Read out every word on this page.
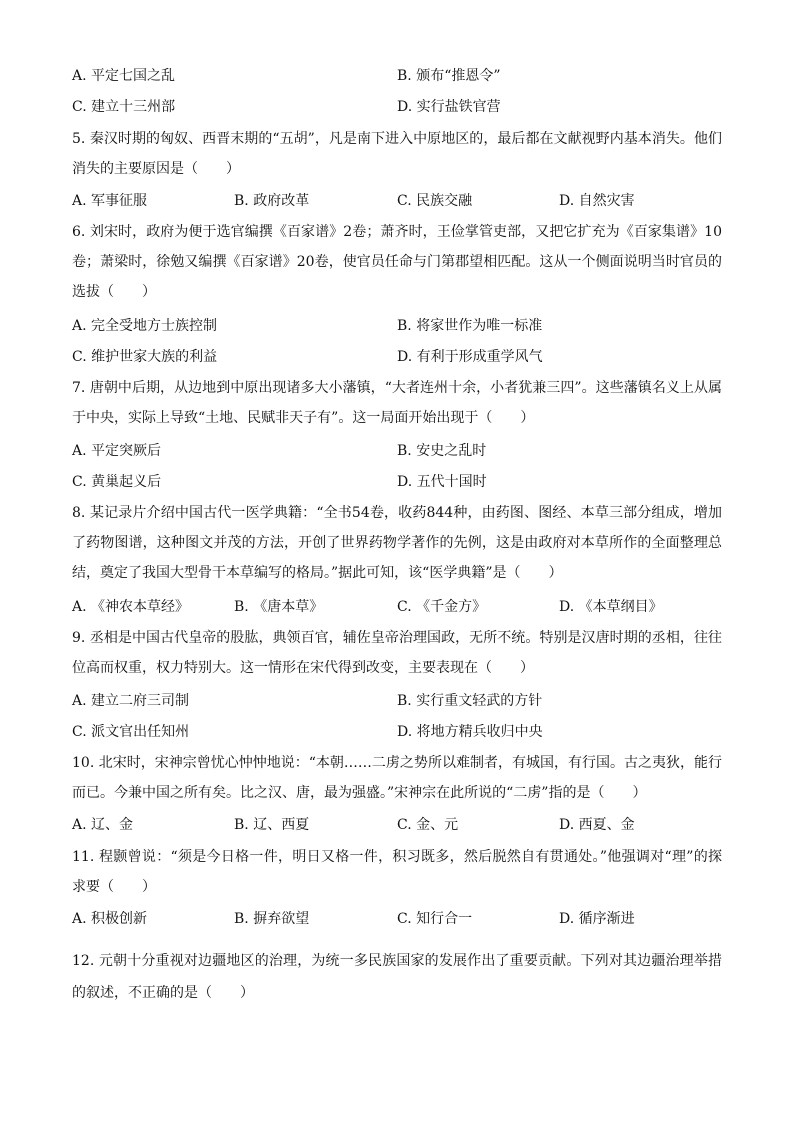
A. 平定七国之乱	B. 颁布“推恩令”
C. 建立十三州部	D. 实行盐铁官营

5. 秦汉时期的匈奴、西晋末期的“五胡”，凡是南下进入中原地区的，最后都在文献视野内基本消失。他们消失的主要原因是（　　）

A. 军事征服	B. 政府改革	C. 民族交融	D. 自然灾害

6. 刘宋时，政府为便于选官编撰《百家谱》2卷；萧齐时，王俭掌管吏部，又把它扩充为《百家集谱》10卷；萧梁时，徐勉又编撰《百家谱》20卷，使官员任命与门第郡望相匹配。这从一个侧面说明当时官员的选拔（　　）

A. 完全受地方士族控制	B. 将家世作为唯一标准
C. 维护世家大族的利益	D. 有利于形成重学风气

7. 唐朝中后期，从边地到中原出现诸多大小藩镇，“大者连州十余，小者犹兼三四”。这些藩镇名义上从属于中央，实际上导致“土地、民赋非天子有”。这一局面开始出现于（　　）

A. 平定突厥后	B. 安史之乱时
C. 黄巢起义后	D. 五代十国时

8. 某记录片介绍中国古代一医学典籍：“全书54卷，收药844种，由药图、图经、本草三部分组成，增加了药物图谱，这种图文并茂的方法，开创了世界药物学著作的先例，这是由政府对本草所作的全面整理总结，奠定了我国大型骨干本草编写的格局。”据此可知，该“医学典籍”是（　　）

A. 《神农本草经》	B. 《唐本草》	C. 《千金方》	D. 《本草纲目》

9. 丞相是中国古代皇帝的股肱，典领百官，辅佐皇帝治理国政，无所不统。特别是汉唐时期的丞相，往往位高而权重，权力特别大。这一情形在宋代得到改变，主要表现在（　　）

A. 建立二府三司制	B. 实行重文轻武的方针
C. 派文官出任知州	D. 将地方精兵收归中央

10. 北宋时，宋神宗曾忧心忡忡地说：“本朝……二虏之势所以难制者，有城国，有行国。古之夷狄，能行而已。今兼中国之所有矣。比之汉、唐，最为强盛。”宋神宗在此所说的“二虏”指的是（　　）

A. 辽、金	B. 辽、西夏	C. 金、元	D. 西夏、金

11. 程颢曾说：“须是今日格一件，明日又格一件，积习既多，然后脱然自有贯通处。”他强调对“理”的探求要（　　）

A. 积极创新	B. 摒弃欲望	C. 知行合一	D. 循序渐进

12. 元朝十分重视对边疆地区的治理，为统一多民族国家的发展作出了重要贡献。下列对其边疆治理举措的叙述，不正确的是（　　）
